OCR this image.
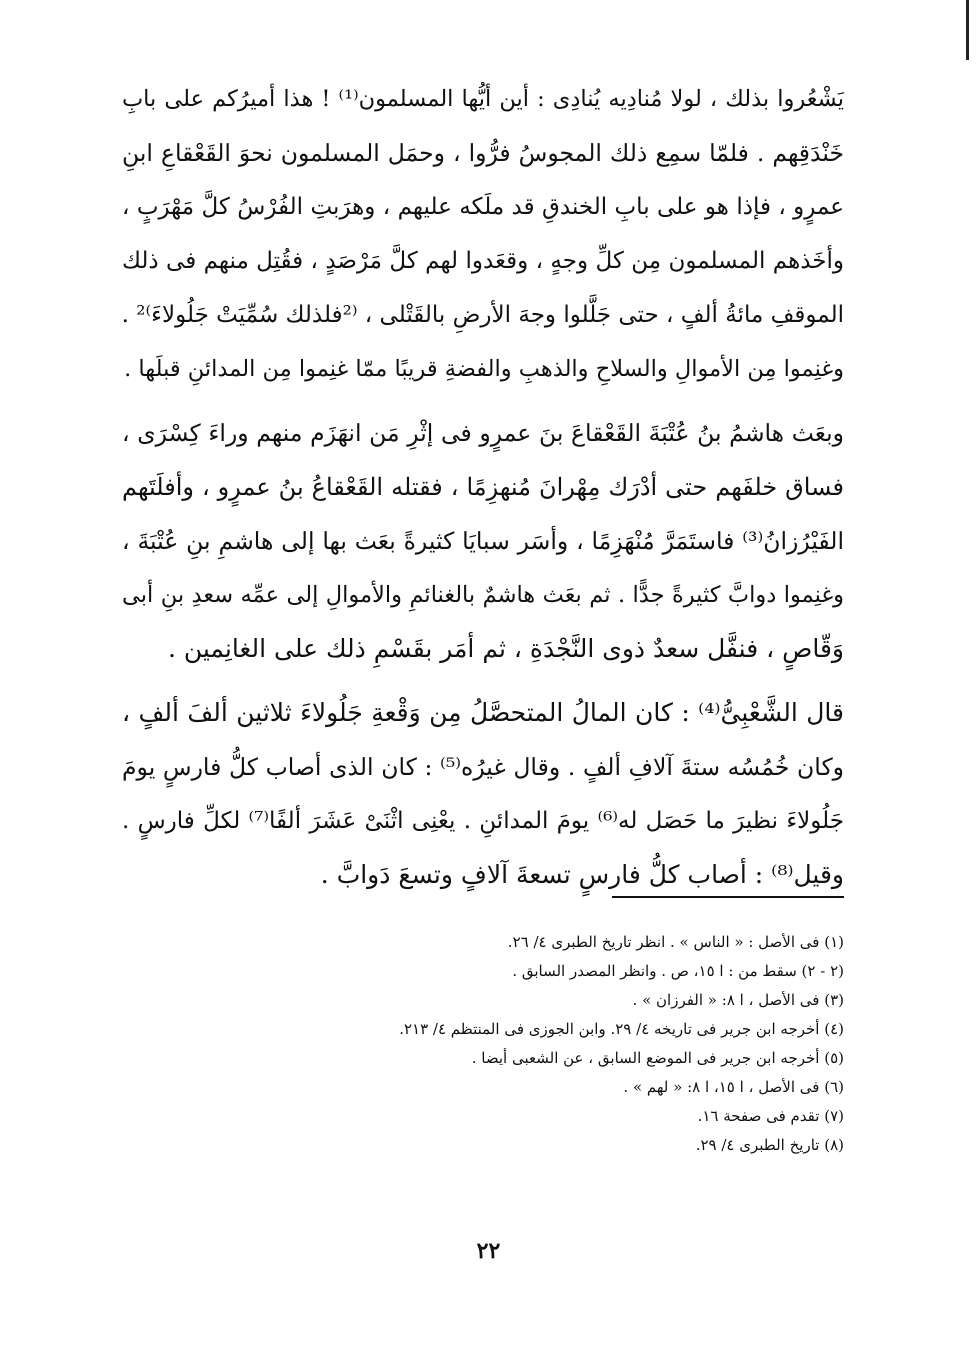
يَشْعُروا بذلك ، لولا مُنادِيه يُنادِى : أين أيُّها المسلمون⁽¹⁾ ! هذا أميرُكم على بابِ
خَنْدَقِهم . فلمّا سمِع ذلك المجوسُ فرُّوا ، وحمَل المسلمون نحوَ القَعْقاعِ ابنِ
عمرٍو ، فإذا هو على بابِ الخندقِ قد ملَكه عليهم ، وهرَبتِ الفُرْسُ كلَّ مَهْرَبٍ ،
وأخَذهم المسلمون مِن كلِّ وجهٍ ، وقعَدوا لهم كلَّ مَرْصَدٍ ، فقُتِل منهم فى ذلك
الموقفِ مائةُ ألفٍ ، حتى جَلَّلوا وجهَ الأرضِ بالقَتْلى ، ⁽²فلذلك سُمِّيَتْ جَلُولاءَ⁾² .
وغنِموا مِن الأموالِ والسلاحِ والذهبِ والفضةِ قريبًا ممّا غنِموا مِن المدائنِ قبلَها .

وبعَث هاشمُ بنُ عُتْبَةَ القَعْقاعَ بنَ عمرٍو فى إثْرِ مَن انهَزَم منهم وراءَ كِسْرَى ،
فساق خلفَهم حتى أدْرَك مِهْرانَ مُنهزِمًا ، فقتله القَعْقاعُ بنُ عمرٍو ، وأفلَتَهم
الفَيْرُزانُ⁽³⁾ فاستَمَرَّ مُنْهَزِمًا ، وأسَر سبايَا كثيرةً بعَث بها إلى هاشمِ بنِ عُتْبَةَ ،
وغنِموا دوابَّ كثيرةً جدًّا . ثم بعَث هاشمٌ بالغنائمِ والأموالِ إلى عمِّه سعدِ بنِ أبى
وَقّاصٍ ، فنفَّل سعدٌ ذوى النَّجْدَةِ ، ثم أمَر بقَسْمِ ذلك على الغانِمين .

قال الشَّعْبِىُّ⁽⁴⁾ : كان المالُ المتحصَّلُ مِن وَقْعةِ جَلُولاءَ ثلاثين ألفَ ألفٍ ،
وكان خُمُسُه ستةَ آلافِ ألفٍ . وقال غيرُه⁽⁵⁾ : كان الذى أصاب كلُّ فارسٍ يومَ
جَلُولاءَ نظيرَ ما حَصَل له⁽⁶⁾ يومَ المدائنِ . يعْنِى اثْنَىْ عَشَرَ ألفًا⁽⁷⁾ لكلِّ فارسٍ .
وقيل⁽⁸⁾ : أصاب كلُّ فارسٍ تسعةَ آلافٍ وتسعَ دَوابَّ .

(١) فى الأصل : « الناس » . انظر تاريخ الطبرى ٤/ ٢٦.
(٢ - ٢) سقط من : ا ١٥، ص . وانظر المصدر السابق .
(٣) فى الأصل ، ا ٨: « الفرزان » .
(٤) أخرجه ابن جرير فى تاريخه ٤/ ٢٩. وابن الجوزى فى المنتظم ٤/ ٢١٣.
(٥) أخرجه ابن جرير فى الموضع السابق ، عن الشعبى أيضا .
(٦) فى الأصل ، ا ١٥، ا ٨: « لهم » .
(٧) تقدم فى صفحة ١٦.
(٨) تاريخ الطبرى ٤/ ٢٩.
٢٢
